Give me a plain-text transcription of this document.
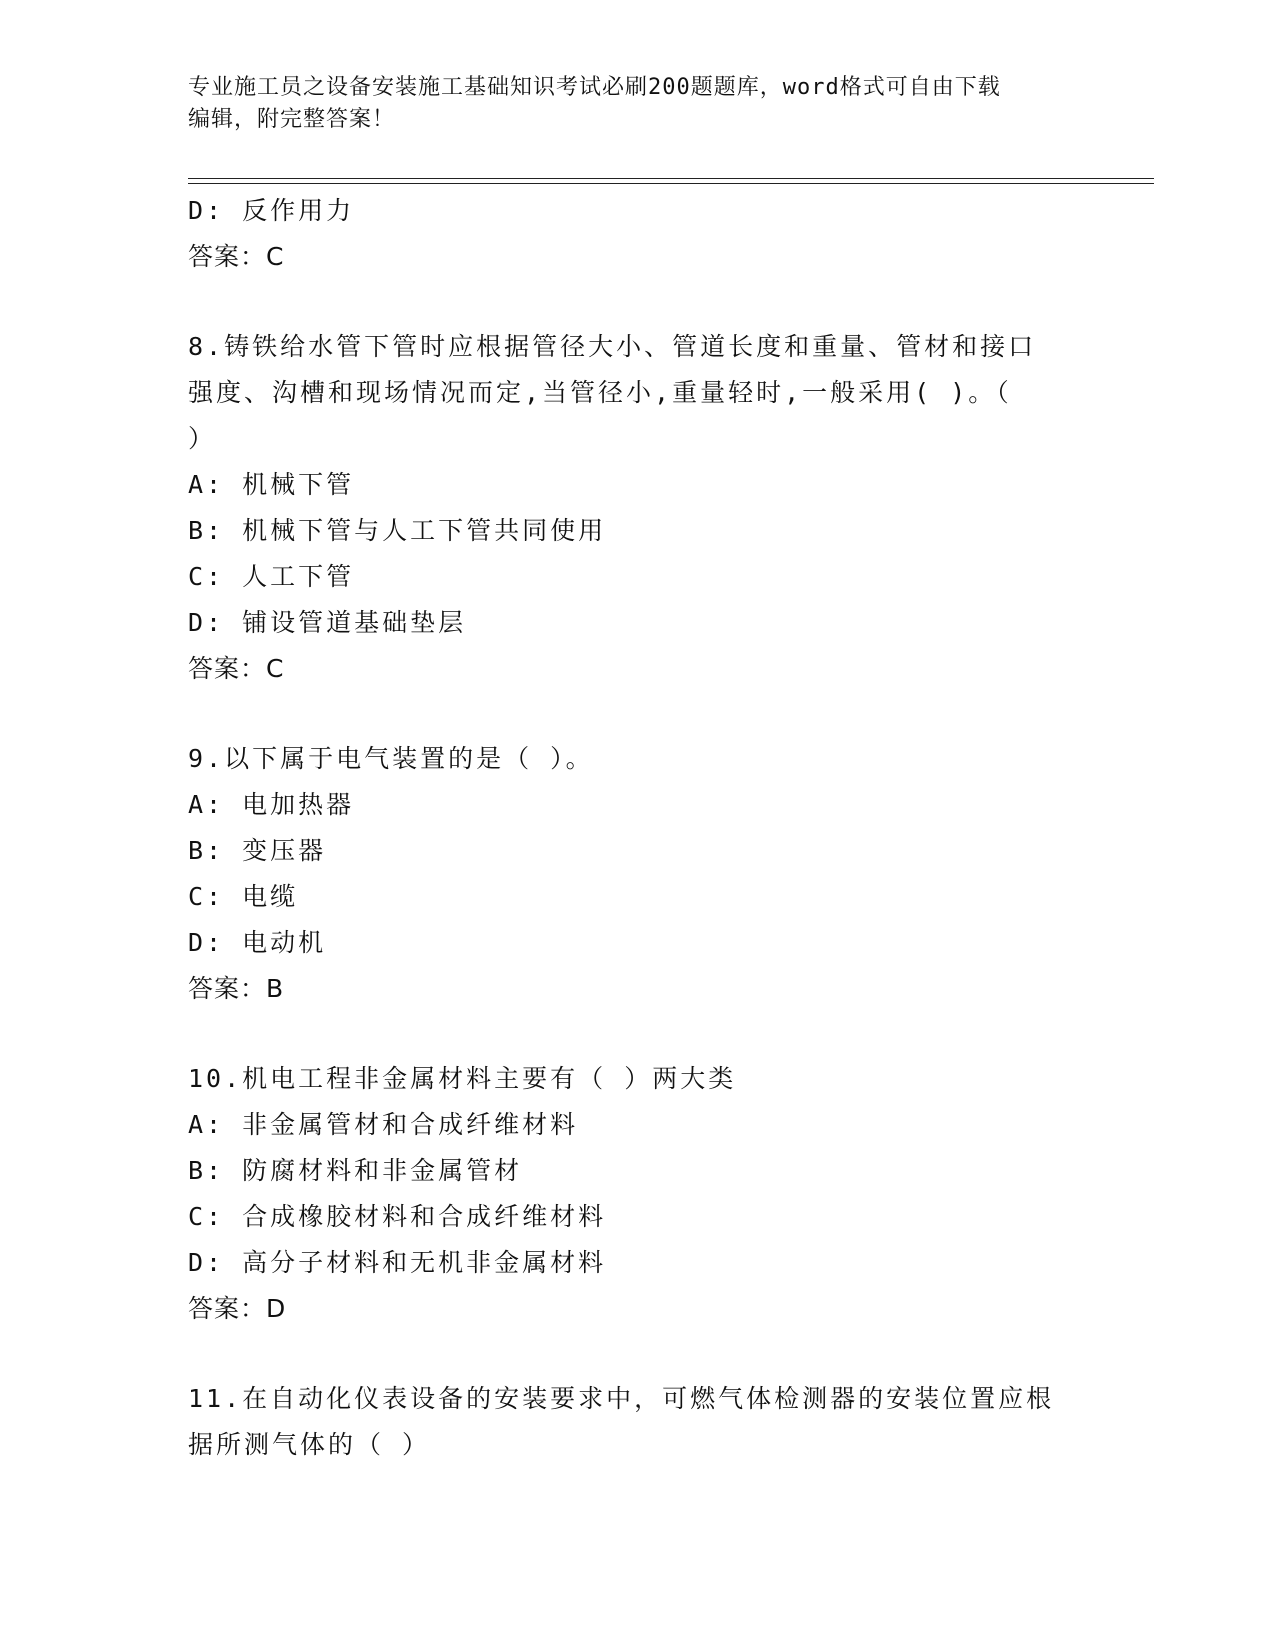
专业施工员之设备安装施工基础知识考试必刷200题题库，word格式可自由下载
编辑，附完整答案！
D: 反作用力
答案：C
8.铸铁给水管下管时应根据管径大小、管道长度和重量、管材和接口
强度、沟槽和现场情况而定,当管径小,重量轻时,一般采用( )。（
）
A: 机械下管
B: 机械下管与人工下管共同使用
C: 人工下管
D: 铺设管道基础垫层
答案：C
9.以下属于电气装置的是（ ）。
A: 电加热器
B: 变压器
C: 电缆
D: 电动机
答案：B
10.机电工程非金属材料主要有（ ）两大类
A: 非金属管材和合成纤维材料
B: 防腐材料和非金属管材
C: 合成橡胶材料和合成纤维材料
D: 高分子材料和无机非金属材料
答案：D
11.在自动化仪表设备的安装要求中，可燃气体检测器的安装位置应根
据所测气体的（ ）
